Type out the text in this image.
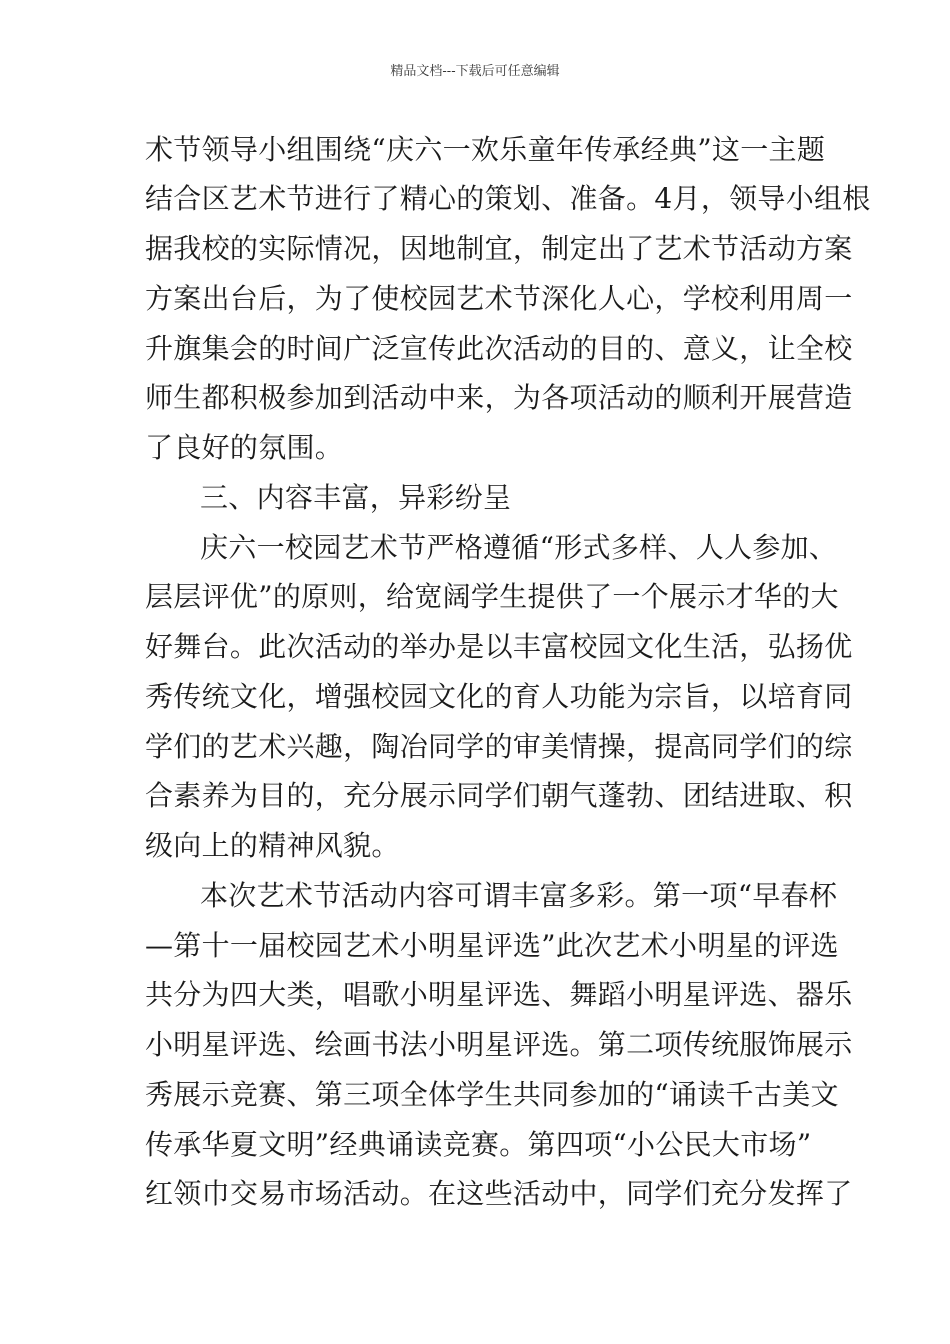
精品文档---下载后可任意编辑

术节领导小组围绕“庆六一欢乐童年传承经典”这一主题

结合区艺术节进行了精心的策划、准备。4月，领导小组根

据我校的实际情况，因地制宜，制定出了艺术节活动方案

方案出台后，为了使校园艺术节深化人心，学校利用周一

升旗集会的时间广泛宣传此次活动的目的、意义，让全校

师生都积极参加到活动中来，为各项活动的顺利开展营造

了良好的氛围。

三、内容丰富，异彩纷呈

庆六一校园艺术节严格遵循“形式多样、人人参加、

层层评优”的原则，给宽阔学生提供了一个展示才华的大

好舞台。此次活动的举办是以丰富校园文化生活，弘扬优

秀传统文化，增强校园文化的育人功能为宗旨，以培育同

学们的艺术兴趣，陶冶同学的审美情操，提高同学们的综

合素养为目的，充分展示同学们朝气蓬勃、团结进取、积

级向上的精神风貌。

本次艺术节活动内容可谓丰富多彩。第一项“早春杯

—第十一届校园艺术小明星评选”此次艺术小明星的评选

共分为四大类，唱歌小明星评选、舞蹈小明星评选、器乐

小明星评选、绘画书法小明星评选。第二项传统服饰展示

秀展示竞赛、第三项全体学生共同参加的“诵读千古美文

传承华夏文明”经典诵读竞赛。第四项“小公民大市场”

红领巾交易市场活动。在这些活动中，同学们充分发挥了
